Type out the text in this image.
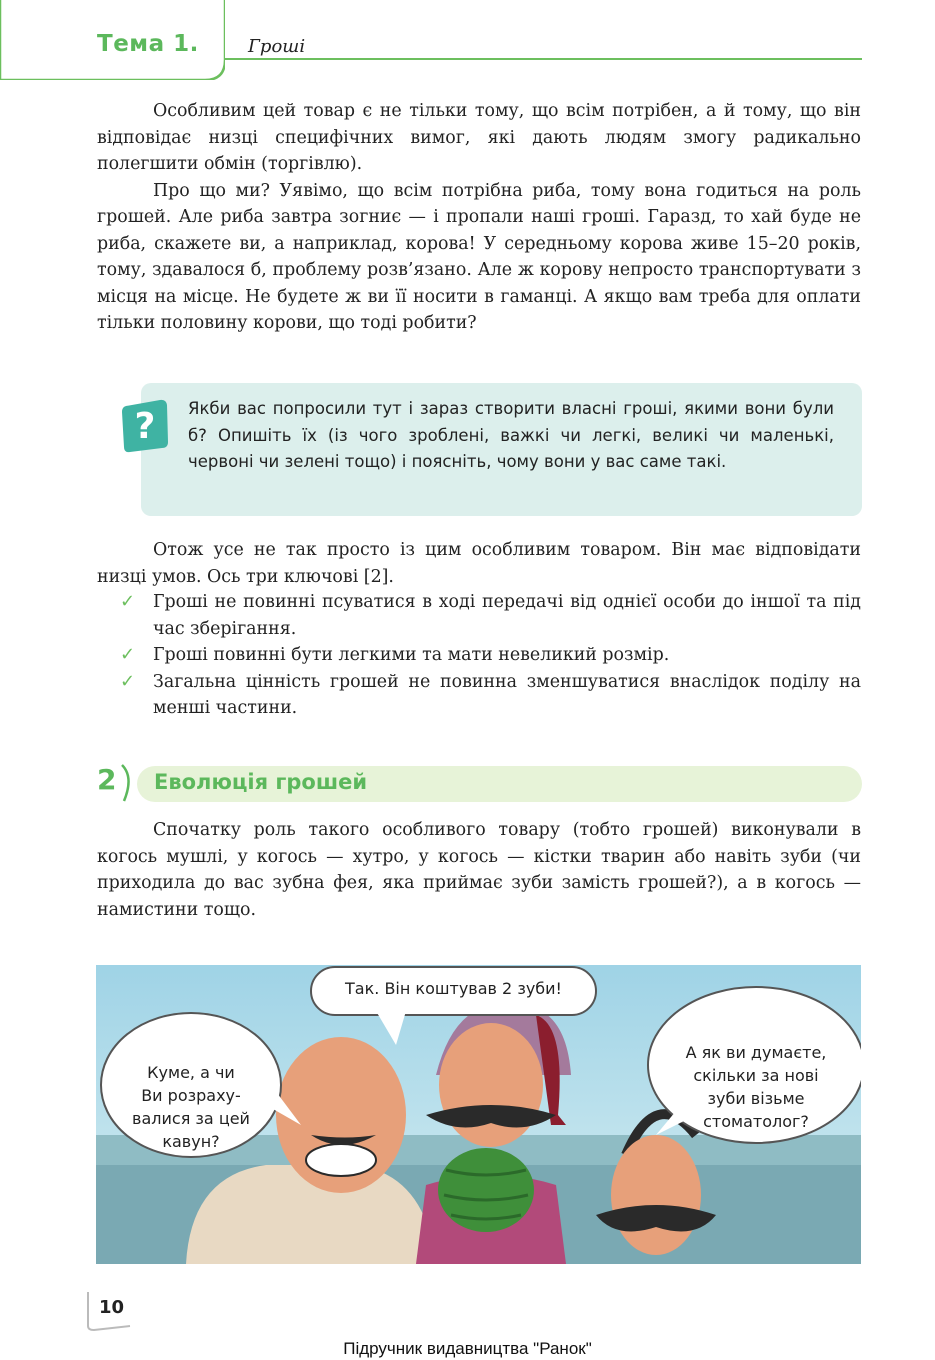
Тема 1.	Гроші

Особливим цей товар є не тільки тому, що всім потрібен, а й тому, що він відповідає низці специфічних вимог, які дають людям змогу радикально полегшити обмін (торгівлю).

Про що ми? Уявімо, що всім потрібна риба, тому вона годиться на роль грошей. Але риба завтра зогниє — і пропали наші гроші. Гаразд, то хай буде не риба, скажете ви, а наприклад, корова! У середньому корова живе 15–20 років, тому, здавалося б, проблему розв’язано. Але ж корову непросто транспортувати з місця на місце. Не будете ж ви її носити в гаманці. А якщо вам треба для оплати тільки половину корови, що тоді робити?

? Якби вас попросили тут і зараз створити власні гроші, якими вони були б? Опишіть їх (із чого зроблені, важкі чи легкі, великі чи маленькі, червоні чи зелені тощо) і поясніть, чому вони у вас саме такі.

Отож усе не так просто із цим особливим товаром. Він має відповідати низці умов. Ось три ключові [2].

✓ Гроші не повинні псуватися в ході передачі від однієї особи до іншої та під час зберігання.
✓ Гроші повинні бути легкими та мати невеликий розмір.
✓ Загальна цінність грошей не повинна зменшуватися внаслідок поділу на менші частини.
2 Еволюція грошей

Спочатку роль такого особливого товару (тобто грошей) виконували в когось мушлі, у когось — хутро, у когось — кістки тварин або навіть зуби (чи приходила до вас зубна фея, яка приймає зуби замість грошей?), а в когось — намистини тощо.

Куме, а чи
Ви розраху-
валися за цей
кавун?
Так. Він коштував 2 зуби!
А як ви думаєте,
скільки за нові
зуби візьме
стоматолог?
10
Підручник видавництва "Ранок"
